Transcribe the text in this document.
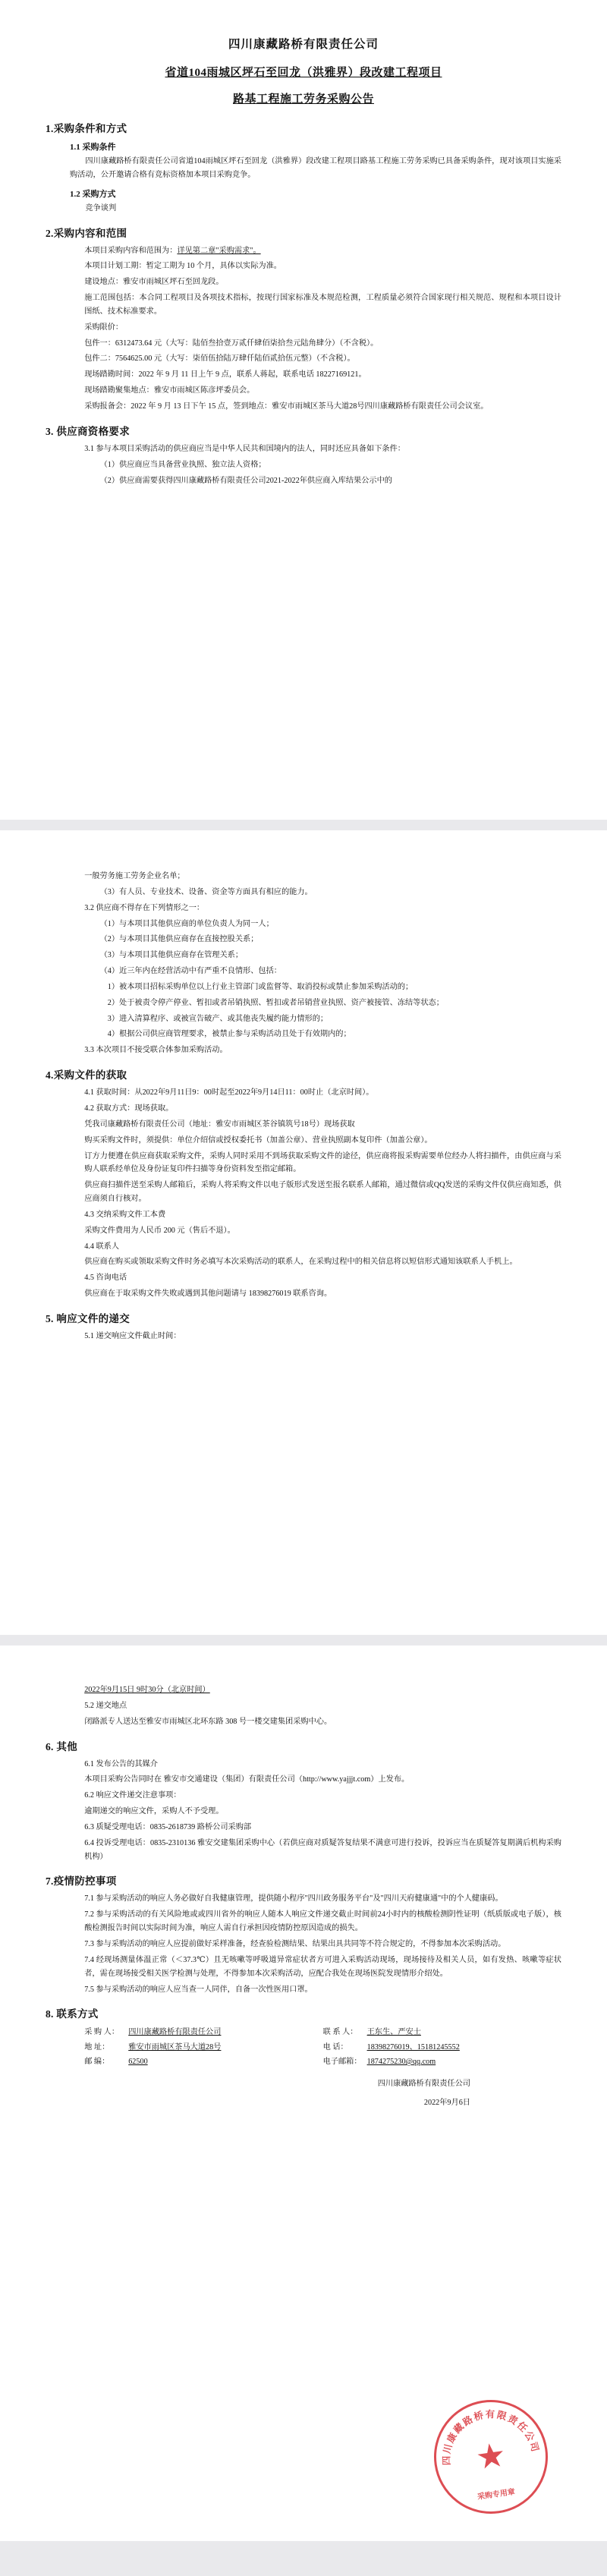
四川康藏路桥有限责任公司
省道104雨城区坪石至回龙（洪雅界）段改建工程项目
路基工程施工劳务采购公告
1.采购条件和方式
1.1 采购条件

四川康藏路桥有限责任公司省道104雨城区坪石至回龙（洪雅界）段改建工程项目路基工程施工劳务采购已具备采购条件，现对该项目实施采购活动，公开邀请合格有竞标资格加本项目采购竞争。

1.2 采购方式

竞争谈判

2.采购内容和范围

本项目采购内容和范围为：详见第二章"采购需求"。

本项目计划工期：暂定工期为 10 个月，具体以实际为准。

建设地点：雅安市雨城区坪石至回龙段。

施工范围包括：本合同工程项目及各项技术指标，按现行国家标准及本规范检测，工程质量必须符合国家现行相关规范、规程和本项目设计图纸、技术标准要求。

采购限价：

包件一：6312473.64 元（大写：陆佰叁拾壹万贰仟肆佰柒拾叁元陆角肆分）（不含税）。

包件二：7564625.00 元（大写：柒佰伍拾陆万肆仟陆佰贰拾伍元整）（不含税）。

现场踏勘时间：2022 年 9 月 11 日上午 9 点，联系人蒋起，联系电话 18227169121。

现场踏勘聚集地点：雅安市雨城区陈彦坪委员会。

采购报备会：2022 年 9 月 13 日下午 15 点，签到地点：雅安市雨城区茶马大道28号四川康藏路桥有限责任公司会议室。

3. 供应商资格要求

3.1 参与本项目采购活动的供应商应当是中华人民共和国境内的法人，同时还应具备如下条件：

（1）供应商应当具备营业执照、独立法人资格；

（2）供应商需要获得四川康藏路桥有限责任公司2021-2022年供应商入库结果公示中的

一般劳务施工劳务企业名单；

（3）有人员、专业技术、设备、资金等方面具有相应的能力。

3.2 供应商不得存在下列情形之一：

（1）与本项目其他供应商的单位负责人为同一人；

（2）与本项目其他供应商存在直接控股关系；

（3）与本项目其他供应商存在管理关系；

（4）近三年内在经营活动中有严重不良情形、包括：

1）被本项目招标采购单位以上行业主管部门或监督等、取消投标或禁止参加采购活动的；

2）处于被责令停产停业、暂扣或者吊销执照、暂扣或者吊销营业执照、资产被接管、冻结等状态；

3）进入清算程序、或被宣告破产、或其他丧失履约能力情形的；

4）根据公司供应商管理要求，被禁止参与采购活动且处于有效期内的；

3.3 本次项目不接受联合体参加采购活动。

4.采购文件的获取

4.1 获取时间：从2022年9月11日9：00时起至2022年9月14日11：00时止（北京时间）。

4.2 获取方式：现场获取。

凭我司康藏路桥有限责任公司（地址：雅安市雨城区茶谷镇筑号18号）现场获取

购买采购文件时，须提供：单位介绍信或授权委托书（加盖公章）、营业执照副本复印件（加盖公章）。

订方力便遵在供应商获取采购文件，采购人同时采用不到场获取采购文件的途径，供应商将报采购需要单位经办人将扫描件，由供应商与采购人联系经单位及身份证复印件扫描等身份资料发至指定邮箱。

供应商扫描件送至采购人邮箱后，采购人将采购文件以电子版形式发送至报名联系人邮箱，通过微信或QQ发送的采购文件仅供应商知悉，供应商须自行核对。

4.3 交纳采购文件工本费

采购文件费用为人民币 200 元（售后不退）。

4.4 联系人

供应商在购买或领取采购文件时务必填写本次采购活动的联系人，在采购过程中的相关信息将以短信形式通知该联系人手机上。

4.5 咨询电话

供应商在于取采购文件失败或遇到其他问题请与 18398276019 联系咨询。

5. 响应文件的递交

5.1 递交响应文件截止时间：

2022年9月15日 9时30分（北京时间）

5.2 递交地点

闭路派专人送达至雅安市雨城区北环东路 308 号一楼交建集团采购中心。

6. 其他

6.1 发布公告的其媒介

本项目采购公告同时在 雅安市交通建设（集团）有限责任公司（http://www.yajjjt.com）上发布。

6.2 响应文件递交注意事项：

逾期递交的响应文件，采购人不予受理。

6.3 质疑受理电话：0835-2618739 路桥公司采购部

6.4 投诉受理电话：0835-2310136 雅安交建集团采购中心（若供应商对质疑答复结果不满意可进行投诉，投诉应当在质疑答复期满后机构采购机构）

7.疫情防控事项

7.1 参与采购活动的响应人务必做好自我健康管理，提供随小程序"四川政务服务平台"及"四川天府健康通"中的个人健康码。

7.2 参与采购活动的有关风险地或或四川省外的响应人随本人响应文件递交截止时间前24小时内的核酸检测阴性证明（纸质版或电子版），核酸检测报告时间以实际时间为准，响应人需自行承担因疫情防控原因造成的损失。

7.3 参与采购活动的响应人应提前做好采样准备，经查验检测结果、结果出具共同等不符合规定的，不得参加本次采购活动。

7.4 经现场测量体温正常（＜37.3℃）且无咳嗽等呼吸道异常症状者方可进入采购活动现场，现场接待及相关人员，如有发热、咳嗽等症状者，需在现场接受相关医学检测与处理，不得参加本次采购活动，应配合我处在现场医院发现情形介绍处。

7.5 参与采购活动的响应人应当查一人同伴，自备一次性医用口罩。

8. 联系方式
采 购 人：	四川康藏路桥有限责任公司	联 系 人：	王东生、严安士
地 址：	雅安市雨城区茶马大道28号	电 话：	18398276019、15181245552
邮 编：	62500	电子邮箱：	1874275230@qq.com
四川康藏路桥有限责任公司
2022年9月6日
四川康藏路桥有限责任公司
★
采购专用章
